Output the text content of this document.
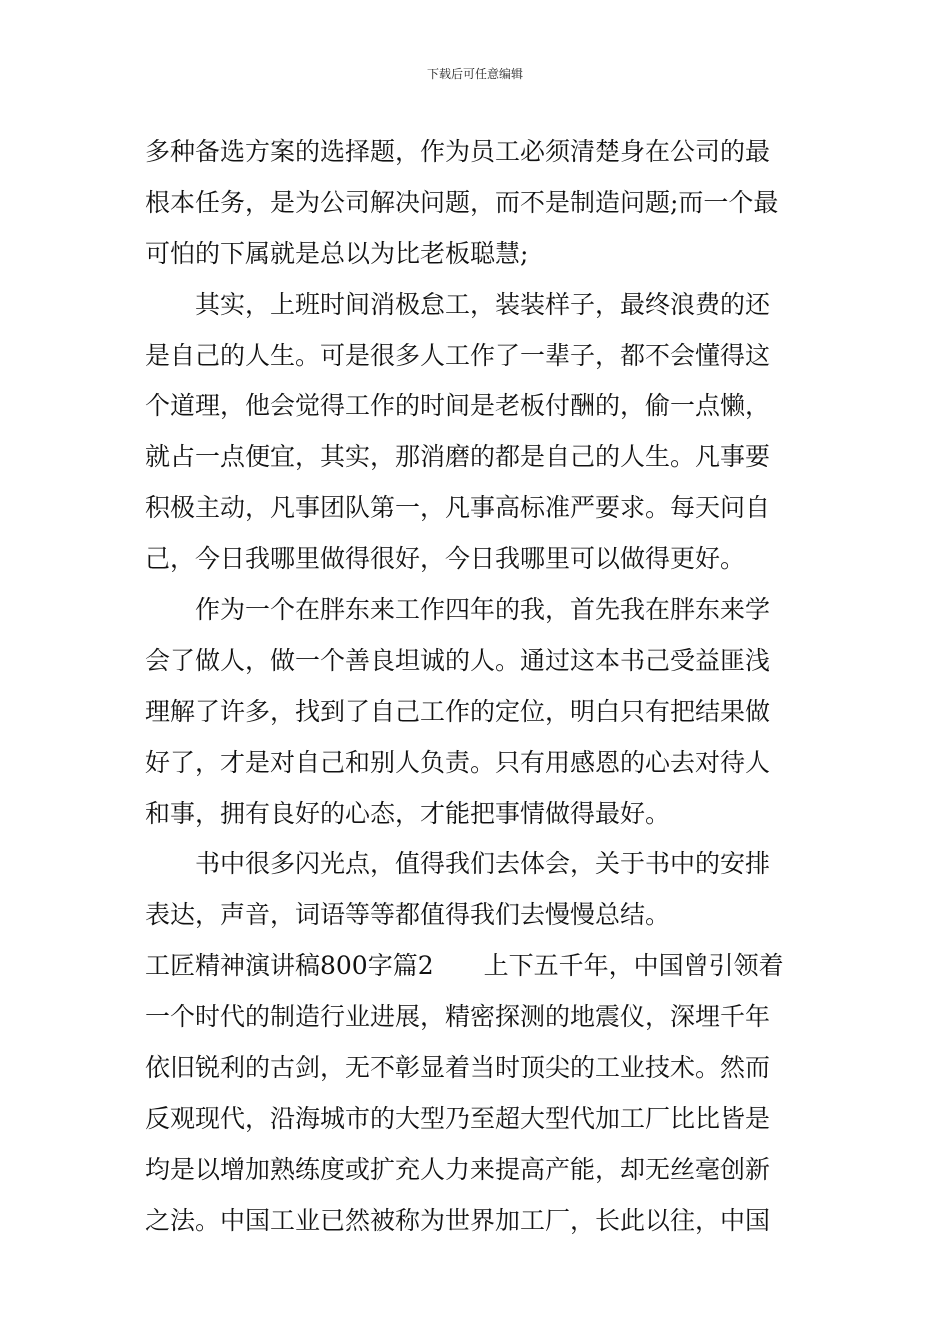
下载后可任意编辑
多种备选方案的选择题，作为员工必须清楚身在公司的最
根本任务，是为公司解决问题，而不是制造问题;而一个最
可怕的下属就是总以为比老板聪慧;
其实，上班时间消极怠工，装装样子，最终浪费的还
是自己的人生。可是很多人工作了一辈子，都不会懂得这
个道理，他会觉得工作的时间是老板付酬的，偷一点懒，
就占一点便宜，其实，那消磨的都是自己的人生。凡事要
积极主动，凡事团队第一，凡事高标准严要求。每天问自
己，今日我哪里做得很好，今日我哪里可以做得更好。
作为一个在胖东来工作四年的我，首先我在胖东来学
会了做人，做一个善良坦诚的人。通过这本书己受益匪浅
理解了许多，找到了自己工作的定位，明白只有把结果做
好了，才是对自己和别人负责。只有用感恩的心去对待人
和事，拥有良好的心态，才能把事情做得最好。
书中很多闪光点，值得我们去体会，关于书中的安排
表达，声音，词语等等都值得我们去慢慢总结。
工匠精神演讲稿800字篇2　　上下五千年，中国曾引领着
一个时代的制造行业进展，精密探测的地震仪，深埋千年
依旧锐利的古剑，无不彰显着当时顶尖的工业技术。然而
反观现代，沿海城市的大型乃至超大型代加工厂比比皆是
均是以增加熟练度或扩充人力来提高产能，却无丝毫创新
之法。中国工业已然被称为世界加工厂，长此以往，中国
